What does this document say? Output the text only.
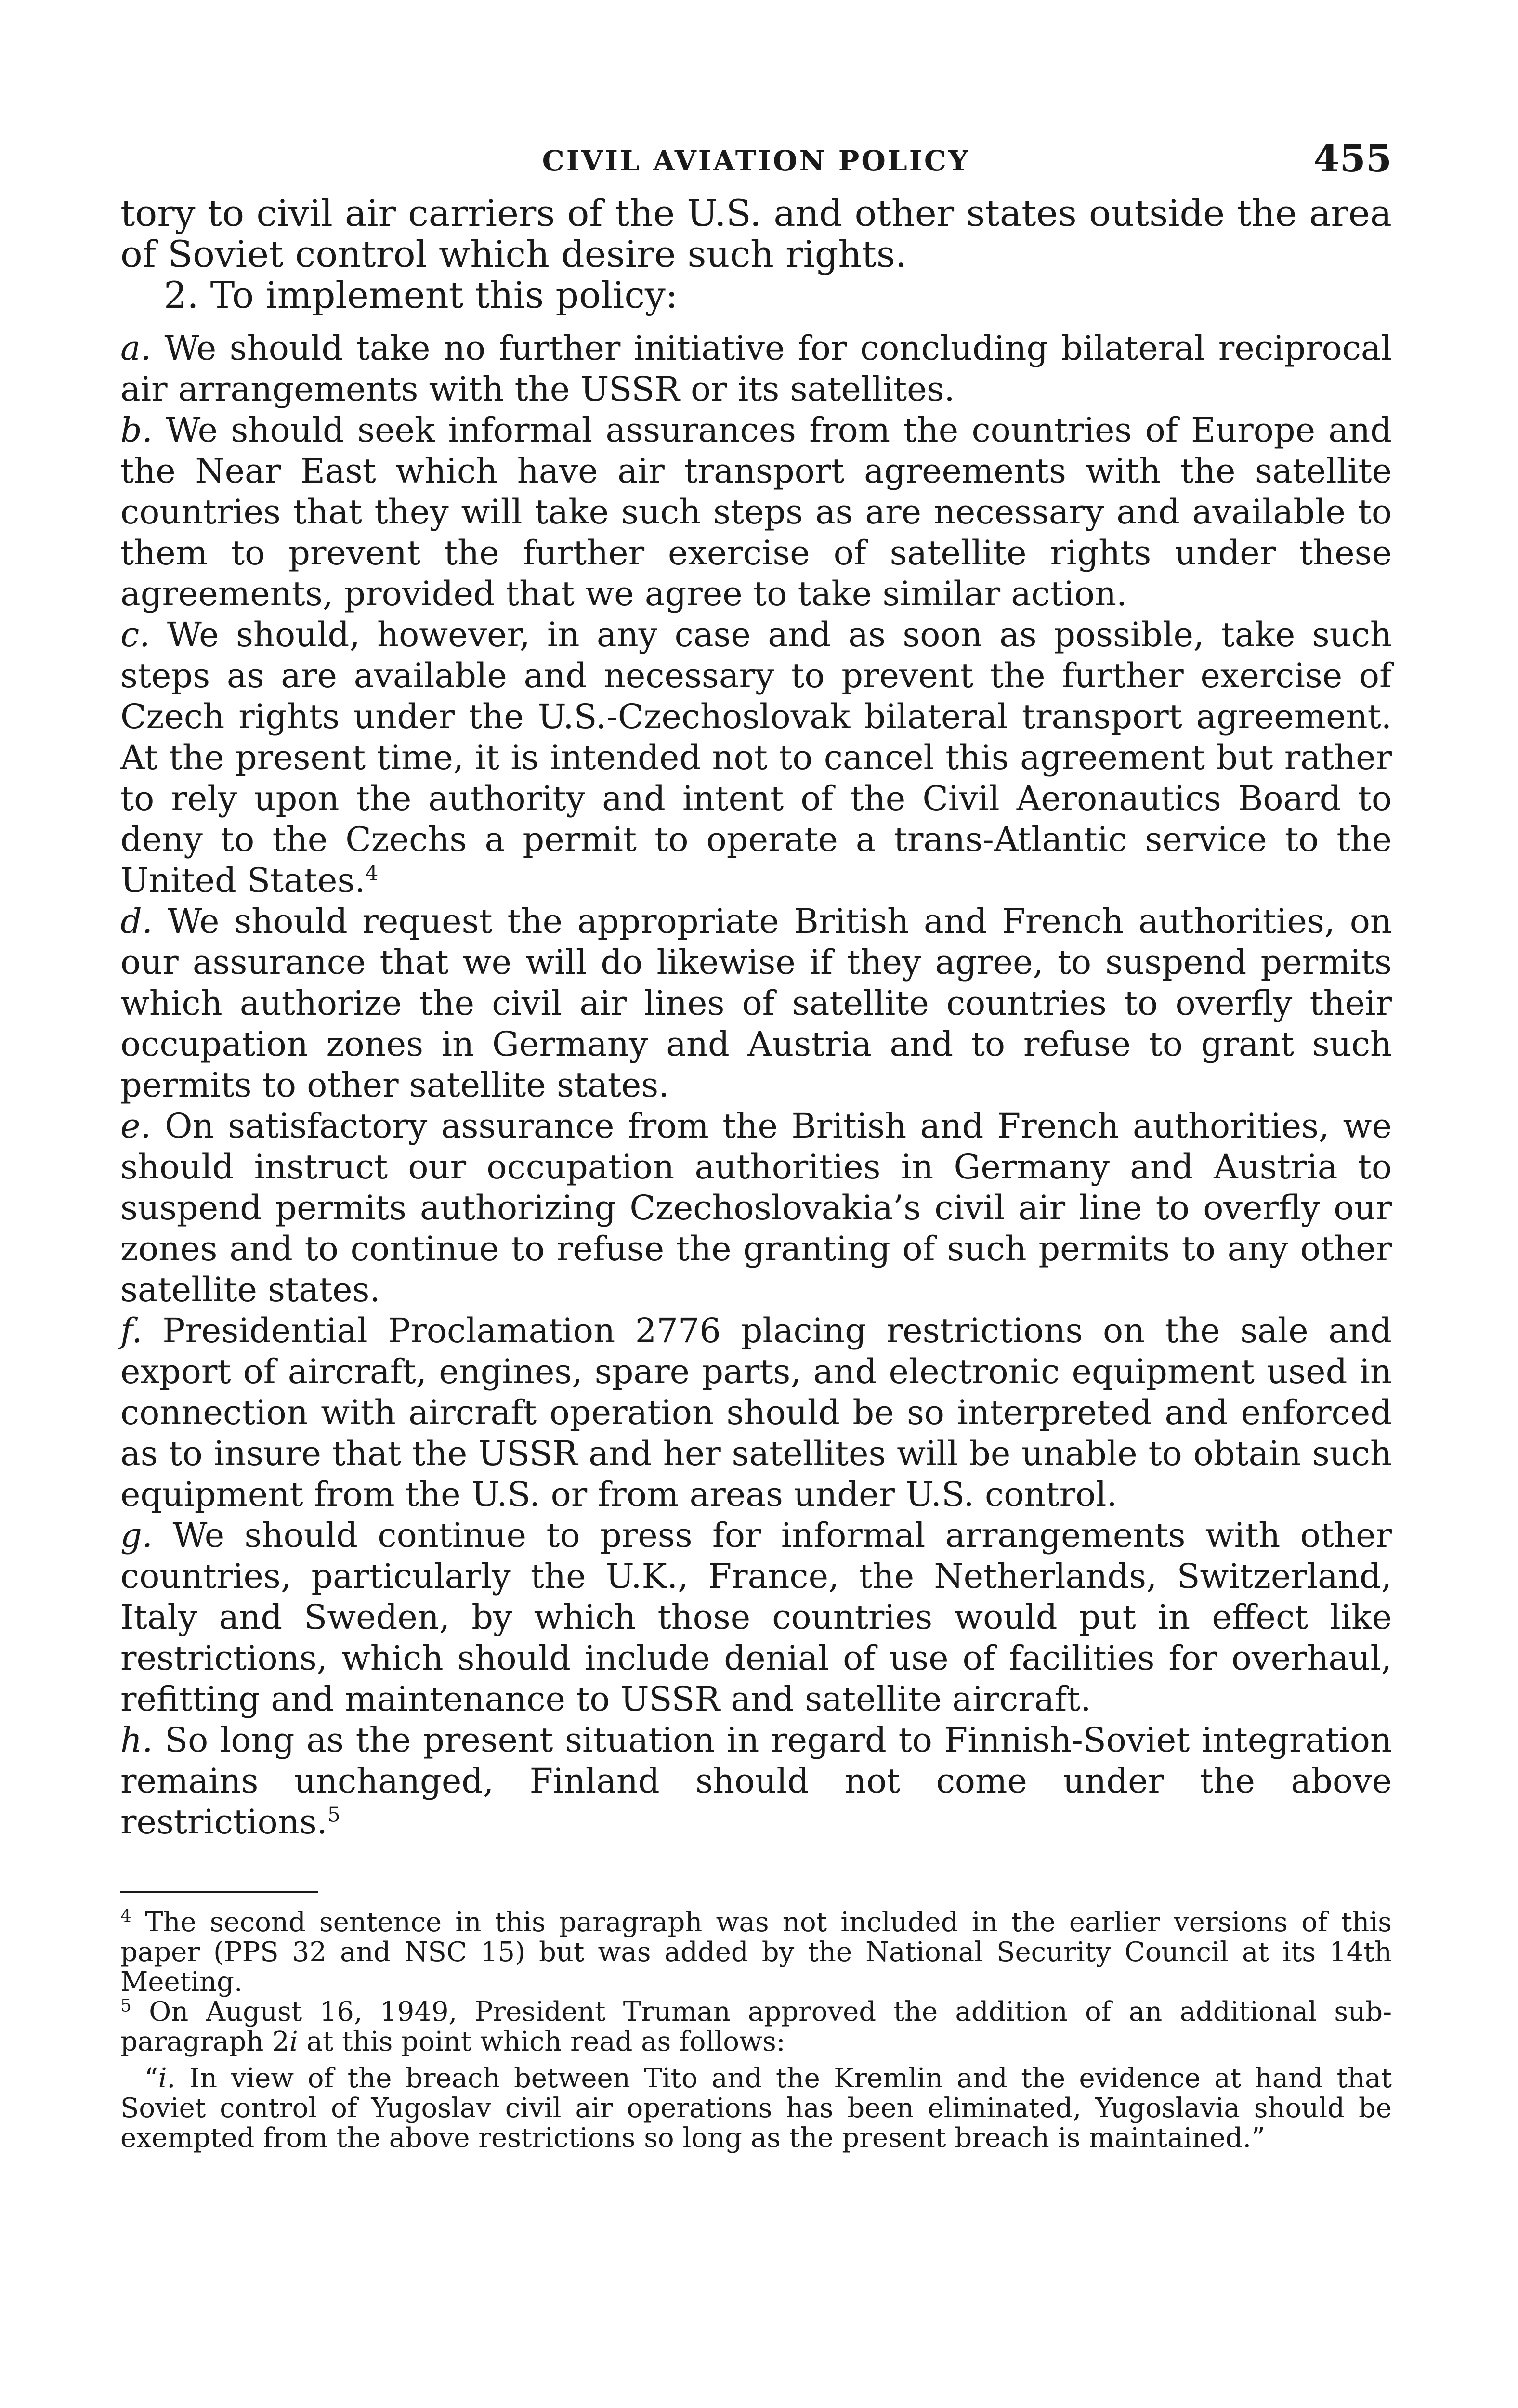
CIVIL AVIATION POLICY	455

tory to civil air carriers of the U.S. and other states outside the area of Soviet control which desire such rights.

2. To implement this policy:

a. We should take no further initiative for concluding bilateral reciprocal air arrangements with the USSR or its satellites.

b. We should seek informal assurances from the countries of Europe and the Near East which have air transport agreements with the satellite countries that they will take such steps as are necessary and available to them to prevent the further exercise of satellite rights under these agreements, provided that we agree to take similar action.

c. We should, however, in any case and as soon as possible, take such steps as are available and necessary to prevent the further exercise of Czech rights under the U.S.-Czechoslovak bilateral transport agreement. At the present time, it is intended not to cancel this agreement but rather to rely upon the authority and intent of the Civil Aeronautics Board to deny to the Czechs a permit to operate a trans-Atlantic service to the United States.$^4$

d. We should request the appropriate British and French authorities, on our assurance that we will do likewise if they agree, to suspend permits which authorize the civil air lines of satellite countries to overfly their occupation zones in Germany and Austria and to refuse to grant such permits to other satellite states.

e. On satisfactory assurance from the British and French authorities, we should instruct our occupation authorities in Germany and Austria to suspend permits authorizing Czechoslovakia’s civil air line to overfly our zones and to continue to refuse the granting of such permits to any other satellite states.

f. Presidential Proclamation 2776 placing restrictions on the sale and export of aircraft, engines, spare parts, and electronic equipment used in connection with aircraft operation should be so interpreted and enforced as to insure that the USSR and her satellites will be unable to obtain such equipment from the U.S. or from areas under U.S. control.

g. We should continue to press for informal arrangements with other countries, particularly the U.K., France, the Netherlands, Switzerland, Italy and Sweden, by which those countries would put in effect like restrictions, which should include denial of use of facilities for overhaul, refitting and maintenance to USSR and satellite aircraft.

h. So long as the present situation in regard to Finnish-Soviet integration remains unchanged, Finland should not come under the above restrictions.$^5$

$^4$ The second sentence in this paragraph was not included in the earlier versions of this paper (PPS 32 and NSC 15) but was added by the National Security Council at its 14th Meeting.

$^5$ On August 16, 1949, President Truman approved the addition of an additional sub-paragraph 2i at this point which read as follows:

“i. In view of the breach between Tito and the Kremlin and the evidence at hand that Soviet control of Yugoslav civil air operations has been eliminated, Yugoslavia should be exempted from the above restrictions so long as the present breach is maintained.”
